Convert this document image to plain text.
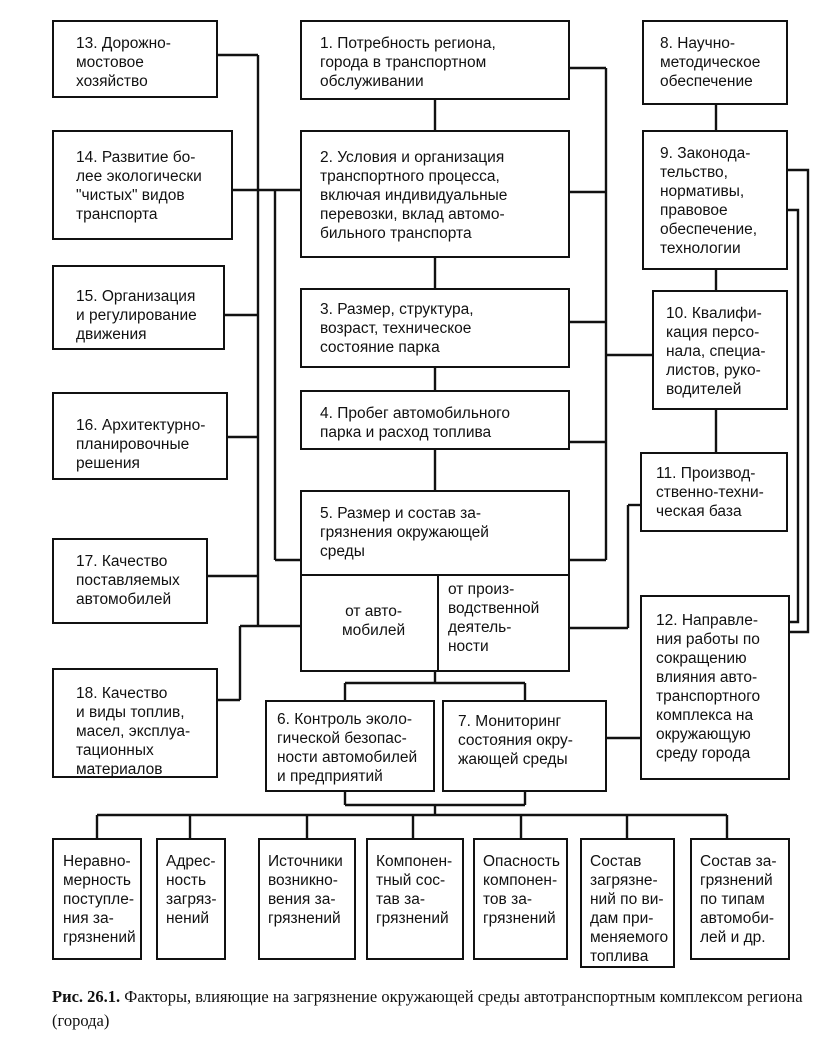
1. Потребность региона,
города в транспортном
обслуживании
2. Условия и организация
транспортного процесса,
включая индивидуальные
перевозки, вклад автомо-
бильного транспорта
3. Размер, структура,
возраст, техническое
состояние парка
4. Пробег автомобильного
парка и расход топлива
5. Размер и состав за-
грязнения окружающей
среды
от авто-
мобилей
от произ-
водственной
деятель-
ности
6. Контроль эколо-
гической безопас-
ности автомобилей
и предприятий
7. Мониторинг
состояния окру-
жающей среды
8. Научно-
методическое
обеспечение
9. Законода-
тельство,
нормативы,
правовое
обеспечение,
технологии
10. Квалифи-
кация персо-
нала, специа-
листов, руко-
водителей
11. Производ-
ственно-техни-
ческая база
12. Направле-
ния работы по
сокращению
влияния авто-
транспортного
комплекса на
окружающую
среду города
13. Дорожно-
мостовое
хозяйство
14. Развитие бо-
лее экологически
"чистых" видов
транспорта
15. Организация
и регулирование
движения
16. Архитектурно-
планировочные
решения
17. Качество
поставляемых
автомобилей
18. Качество
и виды топлив,
масел, эксплуа-
тационных
материалов
Неравно-
мерность
поступле-
ния за-
грязнений
Адрес-
ность
загряз-
нений
Источники
возникно-
вения за-
грязнений
Компонен-
тный сос-
тав за-
грязнений
Опасность
компонен-
тов за-
грязнений
Состав
загрязне-
ний по ви-
дам при-
меняемого
топлива
Состав за-
грязнений
по типам
автомоби-
лей и др.
Рис. 26.1. Факторы, влияющие на загрязнение окружающей среды автотранспортным комплексом региона (города)
